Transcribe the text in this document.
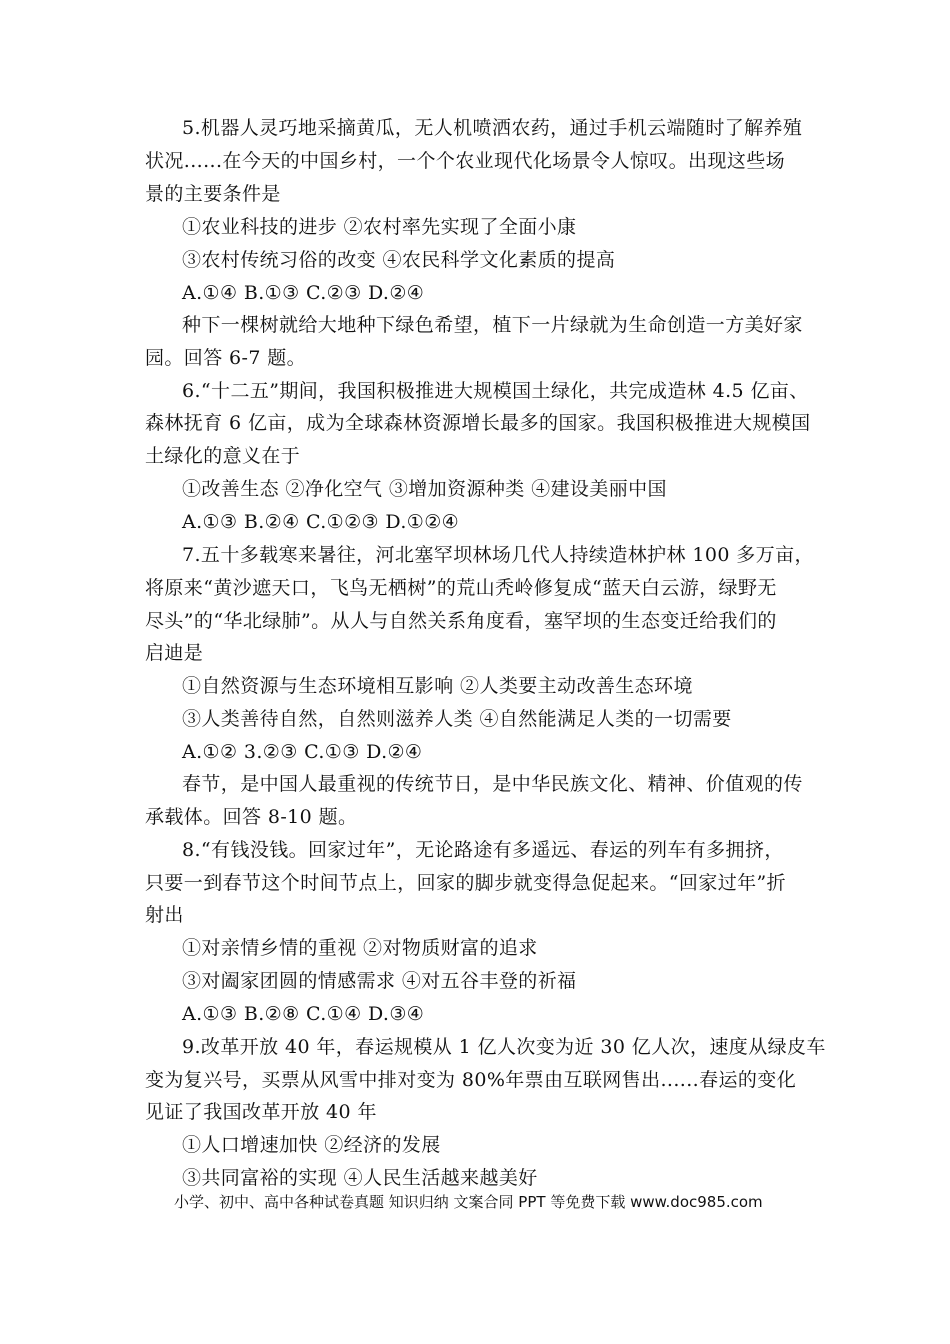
5.机器人灵巧地采摘黄瓜，无人机喷洒农药，通过手机云端随时了解养殖
状况......在今天的中国乡村，一个个农业现代化场景令人惊叹。出现这些场
景的主要条件是
①农业科技的进步 ②农村率先实现了全面小康
③农村传统习俗的改变 ④农民科学文化素质的提高
A.①④ B.①③ C.②③ D.②④
种下一棵树就给大地种下绿色希望，植下一片绿就为生命创造一方美好家
园。回答 6-7 题。
6.“十二五”期间，我国积极推进大规模国土绿化，共完成造林 4.5 亿亩、
森林抚育 6 亿亩，成为全球森林资源增长最多的国家。我国积极推进大规模国
土绿化的意义在于
①改善生态 ②净化空气 ③增加资源种类 ④建设美丽中国
A.①③ B.②④ C.①②③ D.①②④
7.五十多载寒来暑往，河北塞罕坝林场几代人持续造林护林 100 多万亩，
将原来“黄沙遮天口，飞鸟无栖树”的荒山秃岭修复成“蓝天白云游，绿野无
尽头”的“华北绿肺”。从人与自然关系角度看，塞罕坝的生态变迁给我们的
启迪是
①自然资源与生态环境相互影响 ②人类要主动改善生态环境
③人类善待自然，自然则滋养人类 ④自然能满足人类的一切需要
A.①② 3.②③ C.①③ D.②④
春节，是中国人最重视的传统节日，是中华民族文化、精神、价值观的传
承载体。回答 8-10 题。
8.“有钱没钱。回家过年”，无论路途有多遥远、春运的列车有多拥挤，
只要一到春节这个时间节点上，回家的脚步就变得急促起来。“回家过年”折
射出
①对亲情乡情的重视 ②对物质财富的追求
③对阖家团圆的情感需求 ④对五谷丰登的祈福
A.①③ B.②⑧ C.①④ D.③④
9.改革开放 40 年，春运规模从 1 亿人次变为近 30 亿人次，速度从绿皮车
变为复兴号，买票从风雪中排对变为 80%年票由互联网售出......春运的变化
见证了我国改革开放 40 年
①人口增速加快 ②经济的发展
③共同富裕的实现 ④人民生活越来越美好
小学、初中、高中各种试卷真题 知识归纳 文案合同 PPT 等免费下载 www.doc985.com
